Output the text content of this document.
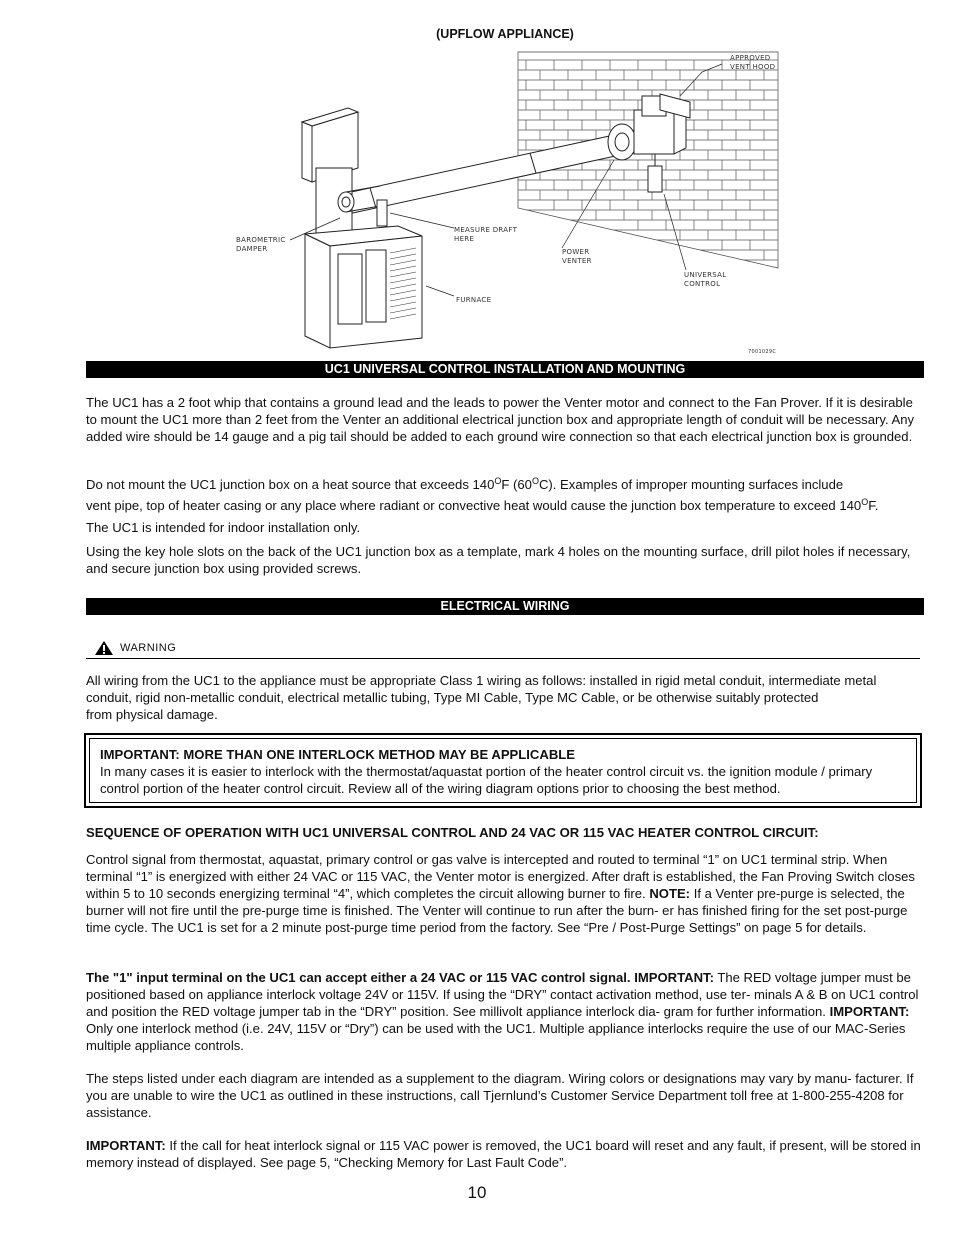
(UPFLOW APPLIANCE)
APPROVED
VENT HOOD
MEASURE DRAFT
HERE
BAROMETRIC
DAMPER	POWER
VENTER
UNIVERSAL
CONTROL
FURNACE
7001029C
UC1 UNIVERSAL CONTROL INSTALLATION AND MOUNTING

The UC1 has a 2 foot whip that contains a ground lead and the leads to power the Venter motor and connect to the Fan Prover. If it is desirable to mount the UC1 more than 2 feet from the Venter an additional electrical junction box and appropriate length of conduit will be necessary. Any added wire should be 14 gauge and a pig tail should be added to each ground wire connection so that each electrical junction box is grounded.

Do not mount the UC1 junction box on a heat source that exceeds $140^OF$ $(60^OC)$. Examples of improper mounting surfaces include
vent pipe, top of heater casing or any place where radiant or convective heat would cause the junction box temperature to exceed $140^OF$.

The UC1 is intended for indoor installation only.

Using the key hole slots on the back of the UC1 junction box as a template, mark 4 holes on the mounting surface, drill pilot holes if necessary, and secure junction box using provided screws.

ELECTRICAL WIRING
WARNING

All wiring from the UC1 to the appliance must be appropriate Class 1 wiring as follows: installed in rigid metal conduit, intermediate metal conduit, rigid non-metallic conduit, electrical metallic tubing, Type MI Cable, Type MC Cable, or be otherwise suitably protected
from physical damage.

IMPORTANT: MORE THAN ONE INTERLOCK METHOD MAY BE APPLICABLE
In many cases it is easier to interlock with the thermostat/aquastat portion of the heater control circuit vs. the ignition module / primary control portion of the heater control circuit. Review all of the wiring diagram options prior to choosing the best method.

SEQUENCE OF OPERATION WITH UC1 UNIVERSAL CONTROL AND 24 VAC OR 115 VAC HEATER CONTROL CIRCUIT:

Control signal from thermostat, aquastat, primary control or gas valve is intercepted and routed to terminal “1” on UC1 terminal strip. When terminal “1” is energized with either 24 VAC or 115 VAC, the Venter motor is energized. After draft is established, the Fan Proving Switch closes within 5 to 10 seconds energizing terminal “4”, which completes the circuit allowing burner to fire. NOTE: If a Venter pre-purge is selected, the burner will not fire until the pre-purge time is finished. The Venter will continue to run after the burn- er has finished firing for the set post-purge time cycle. The UC1 is set for a 2 minute post-purge time period from the factory. See “Pre / Post-Purge Settings” on page 5 for details.

The "1" input terminal on the UC1 can accept either a 24 VAC or 115 VAC control signal. IMPORTANT: The RED voltage jumper must be positioned based on appliance interlock voltage 24V or 115V. If using the “DRY” contact activation method, use ter- minals A & B on UC1 control and position the RED voltage jumper tab in the “DRY” position. See millivolt appliance interlock dia- gram for further information. IMPORTANT: Only one interlock method (i.e. 24V, 115V or “Dry”) can be used with the UC1. Multiple appliance interlocks require the use of our MAC-Series multiple appliance controls.

The steps listed under each diagram are intended as a supplement to the diagram. Wiring colors or designations may vary by manu- facturer. If you are unable to wire the UC1 as outlined in these instructions, call Tjernlund’s Customer Service Department toll free at 1-800-255-4208 for assistance.

IMPORTANT: If the call for heat interlock signal or 115 VAC power is removed, the UC1 board will reset and any fault, if present, will be stored in memory instead of displayed. See page 5, “Checking Memory for Last Fault Code”.

10
